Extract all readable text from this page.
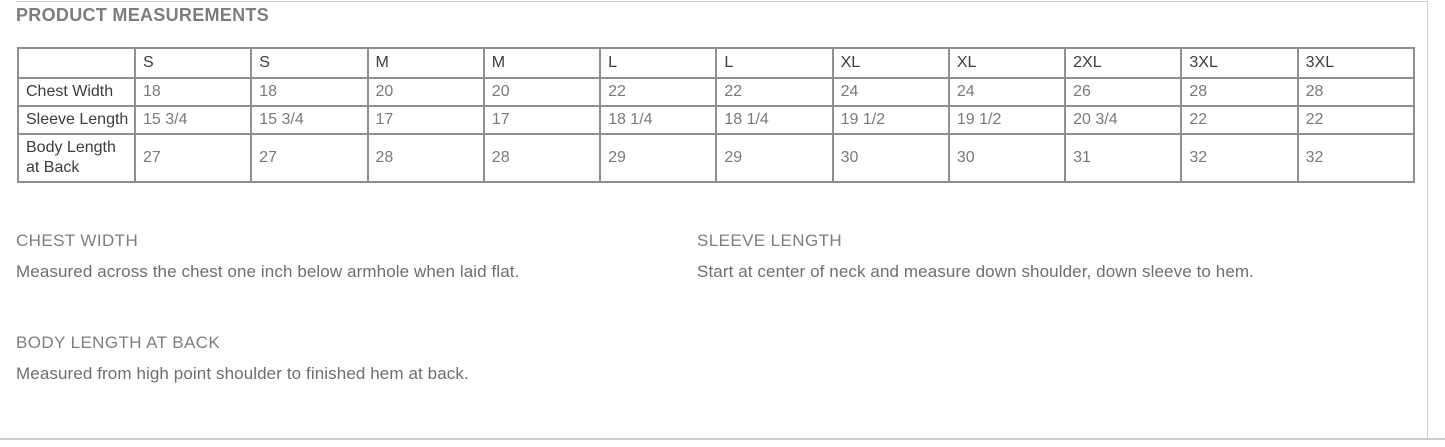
PRODUCT MEASUREMENTS
	S	S	M	M	L	L	XL	XL	2XL	3XL	3XL
Chest Width	18	18	20	20	22	22	24	24	26	28	28
Sleeve Length	15 3/4	15 3/4	17	17	18 1/4	18 1/4	19 1/2	19 1/2	20 3/4	22	22
Body Length at Back	27	27	28	28	29	29	30	30	31	32	32
CHEST WIDTH

Measured across the chest one inch below armhole when laid flat.

SLEEVE LENGTH

Start at center of neck and measure down shoulder, down sleeve to hem.

BODY LENGTH AT BACK

Measured from high point shoulder to finished hem at back.
